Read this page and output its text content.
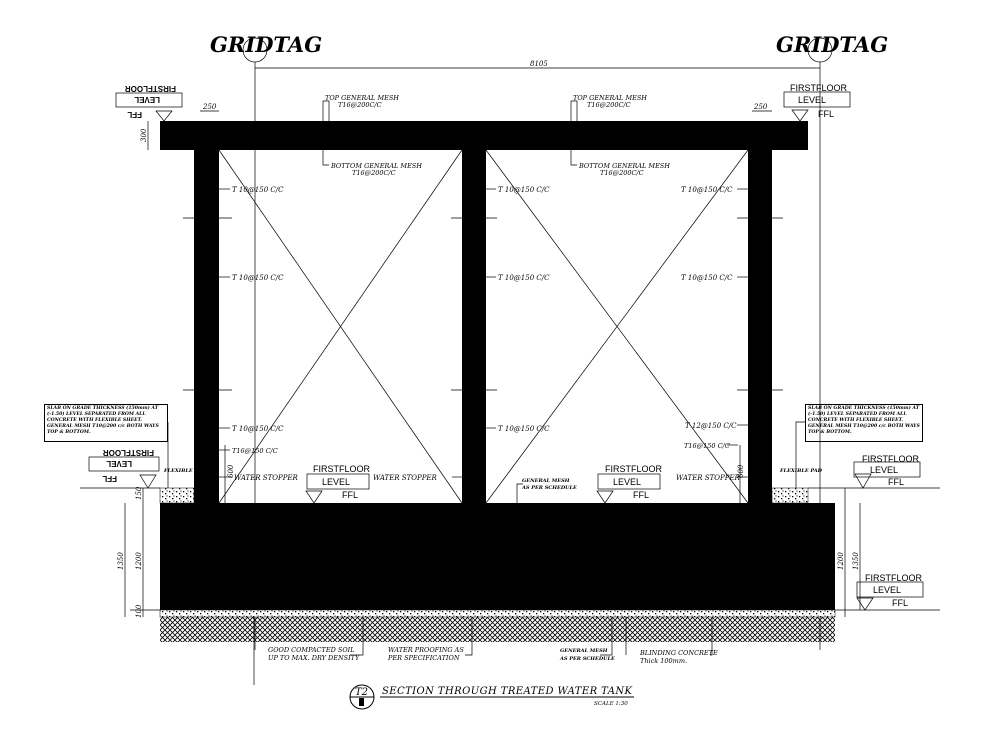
GRIDTAG	GRIDTAG
8105
300
250	250
1350 1200
150
100
1350
1200
600	600
FIRSTFLOOR
LEVEL
FFL
FIRSTFLOOR
LEVEL
FFL
FIRSTFLOOR
LEVEL
FFL
FIRSTFLOOR
LEVEL
FFL
FIRSTFLOOR
LEVEL
FFL
FIRSTFLOOR
LEVEL
FFL
FIRSTFLOOR
LEVEL
FFL
TOP GENERAL MESH
T16@200C/C
BOTTOM GENERAL MESH
T16@200C/C
TOP GENERAL MESH
T16@200C/C
BOTTOM GENERAL MESH
T16@200C/C
T 10@150 C/C
T 10@150 C/C
T 10@150 C/C
T 10@150 C/C
T 10@150 C/C
T 10@150 C/C
T 10@150 C/C
T 10@150 C/C
T 12@150 C/C
T16@150 C/C
T16@150 C/C
WATER STOPPER	WATER STOPPER	WATER STOPPER
FLEXIBLE PAD	FLEXIBLE PAD
GENERAL MESH
AS PER SCHEDULE
SLAB ON GRADE THICKNESS (150mm) AT (-1.50) LEVEL SEPARATED FROM ALL CONCRETE WITH FLEXIBLE SHEET. GENERAL MESH T10@200 c/c BOTH WAYS TOP & BOTTOM.
SLAB ON GRADE THICKNESS (150mm) AT (-1.50) LEVEL SEPARATED FROM ALL CONCRETE WITH FLEXIBLE SHEET. GENERAL MESH T10@200 c/c BOTH WAYS TOP & BOTTOM.
GOOD COMPACTED SOIL
UP TO MAX. DRY DENSITY
WATER PROOFING AS
PER SPECIFICATION
GENERAL MESH
AS PER SCHEDULE
BLINDING CONCRETE
Thick 100mm.
T2 SECTION THROUGH TREATED WATER TANK
SCALE 1:30
